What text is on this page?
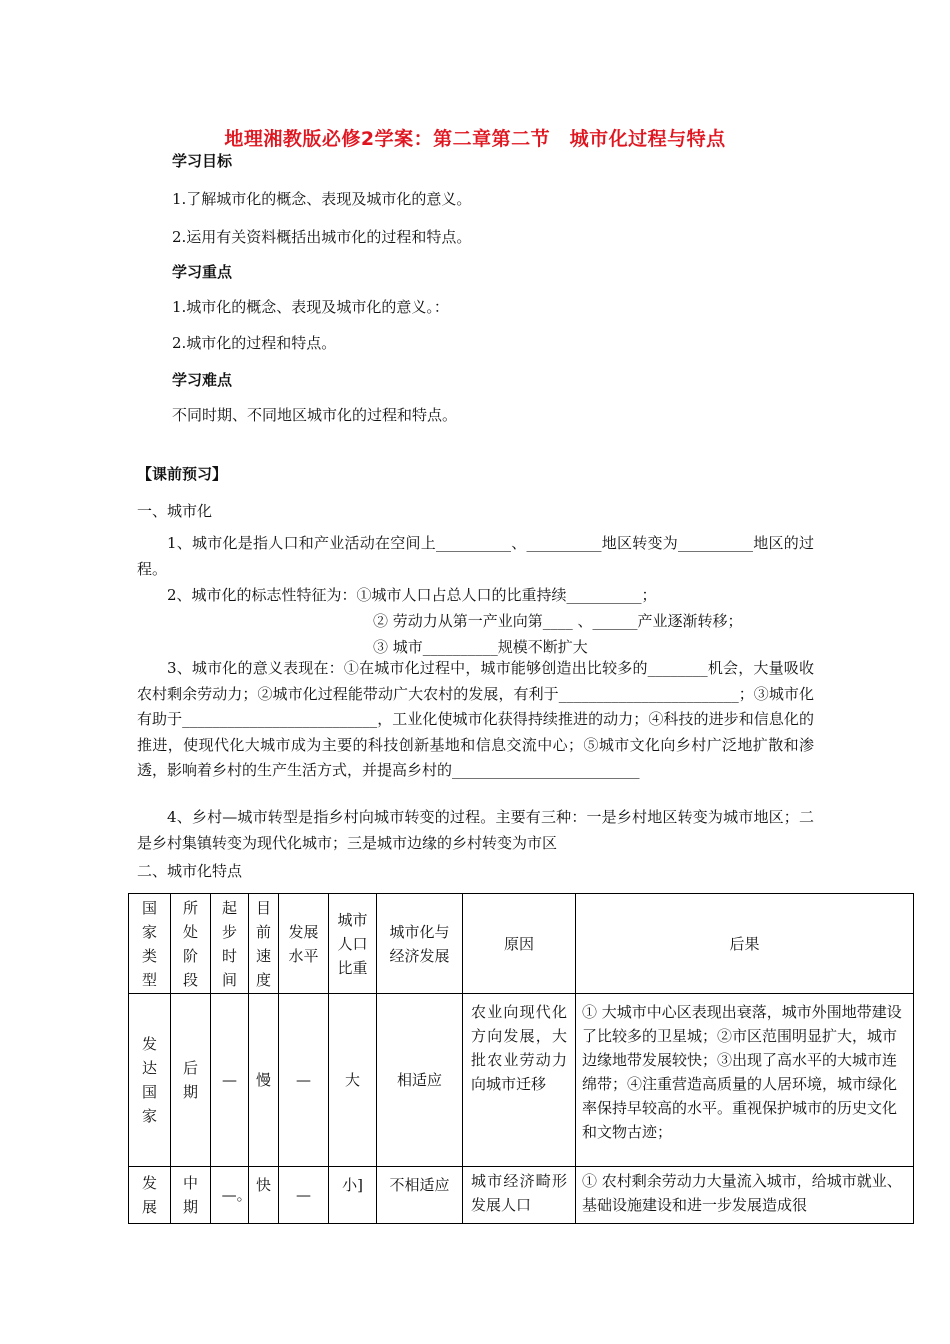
地理湘教版必修2学案：第二章第二节　城市化过程与特点
学习目标
1.了解城市化的概念、表现及城市化的意义。
2.运用有关资料概括出城市化的过程和特点。
学习重点
1.城市化的概念、表现及城市化的意义。：
2.城市化的过程和特点。
学习难点
不同时期、不同地区城市化的过程和特点。
【课前预习】
一、城市化

1、城市化是指人口和产业活动在空间上__________、__________地区转变为__________地区的过程。

2、城市化的标志性特征为：①城市人口占总人口的比重持续__________；
② 劳动力从第一产业向第____ 、______产业逐渐转移；
③ 城市__________规模不断扩大

3、城市化的意义表现在：①在城市化过程中，城市能够创造出比较多的________机会，大量吸收农村剩余劳动力；②城市化过程能带动广大农村的发展，有利于________________________；③城市化有助于__________________________，工业化使城市化获得持续推进的动力；④科技的进步和信息化的推进，使现代化大城市成为主要的科技创新基地和信息交流中心；⑤城市文化向乡村广泛地扩散和渗透，影响着乡村的生产生活方式，并提高乡村的_________________________

4、乡村—城市转型是指乡村向城市转变的过程。主要有三种：一是乡村地区转变为城市地区；二是乡村集镇转变为现代化城市；三是城市边缘的乡村转变为市区

二、城市化特点
国家类型	所处阶段	起步时间	目前速度	发展水平	城市人口比重	城市化与经济发展	原因	后果

发达国家	后期	—	慢	—	大	相适应	农业向现代化方向发展，大批农业劳动力向城市迁移	① 大城市中心区表现出衰落，城市外围地带建设了比较多的卫星城；②市区范围明显扩大，城市边缘地带发展较快；③出现了高水平的大城市连绵带；④注重营造高质量的人居环境，城市绿化率保持早较高的水平。重视保护城市的历史文化和文物古迹；

发展	中期	—。	快	—	小]	不相适应	城市经济畸形发展人口	① 农村剩余劳动力大量流入城市，给城市就业、基础设施建设和进一步发展造成很
